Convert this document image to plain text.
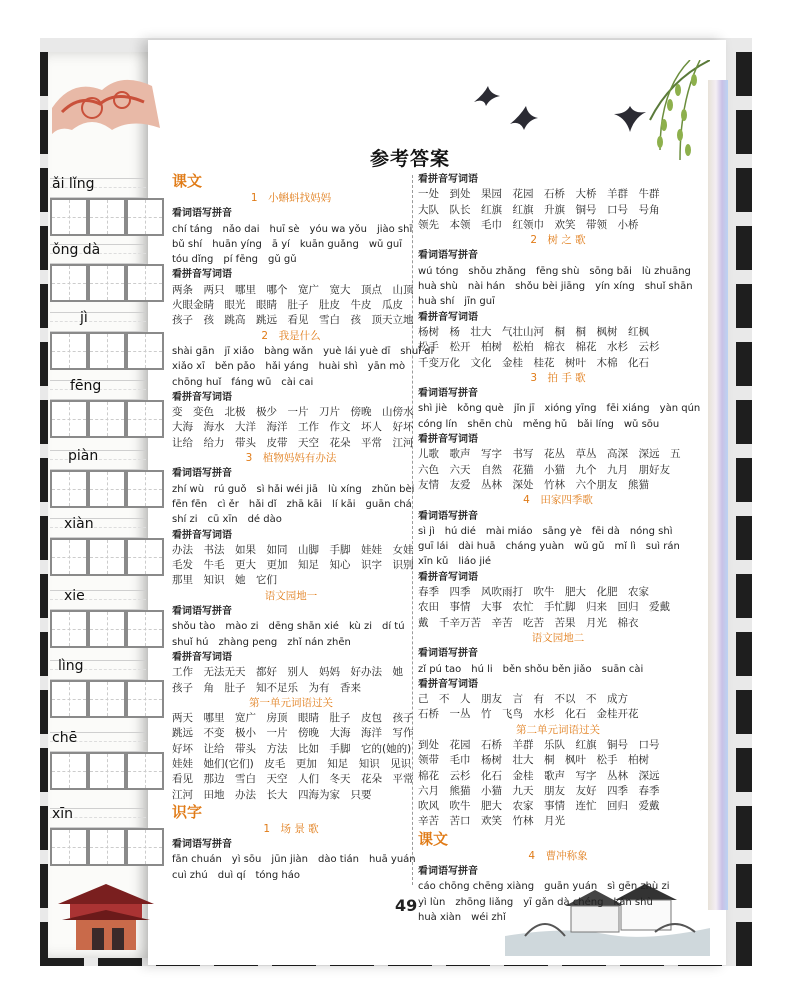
ǎi lǐng
ǒng dà
jì
fēng
piàn
xiàn
xie
lìng
chē
xīn
参考答案
课文
1　小蝌蚪找妈妈
看词语写拼音
chí táng　nǎo dai　huī sè　yóu wa yǒu　jiào shī
bǔ shí　huān yíng　ā yí　kuān guǎng　wǔ guī
tóu dǐng　pí fēng　gǔ gǔ
看拼音写词语
两条　两只　哪里　哪个　宽广　宽大　顶点　山顶
火眼金睛　眼光　眼睛　肚子　肚皮　牛皮　瓜皮
孩子　孩　跳高　跳远　看见　雪白　孩　顶天立地
2　我是什么
shài gān　jī xiǎo　bàng wǎn　yuè lái yuè dī　shuǐ dī
xiǎo xī　běn pǎo　hǎi yáng　huài shì　yān mò
chōng huǐ　fáng wū　cài cai
看拼音写词语
变　变色　北极　极少　一片　刀片　傍晚　山傍水
大海　海水　大洋　海洋　工作　作文　坏人　好坏
让给　给力　带头　皮带　天空　花朵　平常　江河
3　植物妈妈有办法
看词语写拼音
zhí wù　rú guǒ　sì hǎi wéi jiā　lù xíng　zhǔn bèi
fēn fēn　cì ěr　hǎi dǐ　zhā kāi　lí kāi　guān chá
shí zi　cū xīn　dé dào
看拼音写词语
办法　书法　如果　如同　山脚　手脚　娃娃　女娃
毛发　牛毛　更大　更加　知足　知心　识字　识别
那里　知识　她　它们
语文园地一
看词语写拼音
shǒu tào　mào zi　dēng shān xié　kù zi　dí tú
shuǐ hú　zhàng peng　zhǐ nán zhēn
看拼音写词语
工作　无法无天　都好　别人　妈妈　好办法　她
孩子　角　肚子　知不足乐　为有　香来
第一单元词语过关
两天　哪里　宽广　房顶　眼睛　肚子　皮包　孩子
跳远　不变　极小　一片　傍晚　大海　海洋　写作
好坏　让给　带头　方法　比如　手脚　它的(她的)
娃娃　她们(它们)　皮毛　更加　知足　知识　见识
看见　那边　雪白　天空　人们　冬天　花朵　平常
江河　田地　办法　长大　四海为家　只要
识字
1　场 景 歌
看词语写拼音
fān chuán　yì sōu　jūn jiàn　dào tián　huā yuán
cuì zhú　duì qí　tóng háo
看拼音写词语
一处　到处　果园　花园　石桥　大桥　羊群　牛群
大队　队长　红旗　红旗　升旗　铜号　口号　号角
领先　本领　毛巾　红领巾　欢笑　带领　小桥
2　树 之 歌
看词语写拼音
wú tóng　shǒu zhǎng　fēng shù　sōng bǎi　lù zhuāng
huà shù　nài hán　shǒu bèi jiāng　yín xíng　shuǐ shān
huà shí　jīn guī
看拼音写词语
杨树　杨　壮大　气壮山河　桐　桐　枫树　红枫
松手　松开　柏树　松柏　棉衣　棉花　水杉　云杉
千变万化　文化　金桂　桂花　树叶　木棉　化石
3　拍 手 歌
看词语写拼音
shì jiè　kǒng què　jǐn jī　xióng yīng　fēi xiáng　yàn qún
cóng lín　shēn chù　měng hǔ　bǎi líng　wǔ sōu
看拼音写词语
儿歌　歌声　写字　书写　花丛　草丛　高深　深远　五
六色　六天　自然　花猫　小猫　九个　九月　朋好友
友情　友爱　丛林　深处　竹林　六个朋友　熊猫
4　田家四季歌
看词语写拼音
sì jì　hú dié　mài miáo　sāng yè　fēi dà　nóng shì
guī lái　dài huā　cháng yuàn　wǔ gǔ　mǐ lì　suì rán
xīn kǔ　liáo jié
看拼音写词语
春季　四季　风吹雨打　吹牛　肥大　化肥　农家
农田　事情　大事　农忙　手忙脚　归来　回归　爱戴
戴　千辛万苦　辛苦　吃苦　苦果　月光　棉衣
语文园地二
看词语写拼音
zǐ pú tao　hú li　běn shǒu běn jiǎo　suān cài
看拼音写词语
己　不　人　朋友　言　有　不以　不　成方
石桥　一丛　竹　飞鸟　水杉　化石　金桂开花
第二单元词语过关
到处　花园　石桥　羊群　乐队　红旗　铜号　口号
领带　毛巾　杨树　壮大　桐　枫叶　松手　柏树
棉花　云杉　化石　金桂　歌声　写字　丛林　深远
六月　熊猫　小猫　九天　朋友　友好　四季　春季
吹风　吹牛　肥大　农家　事情　连忙　回归　爱戴
辛苦　苦口　欢笑　竹林　月光
课文
4　曹冲称象
看词语写拼音
cáo chōng chēng xiàng　guān yuán　sì gēn zhù zi
yì lùn　zhōng liǎng　yī gǎn dà chéng　kǎn shù
huà xiàn　wéi zhǐ
49
